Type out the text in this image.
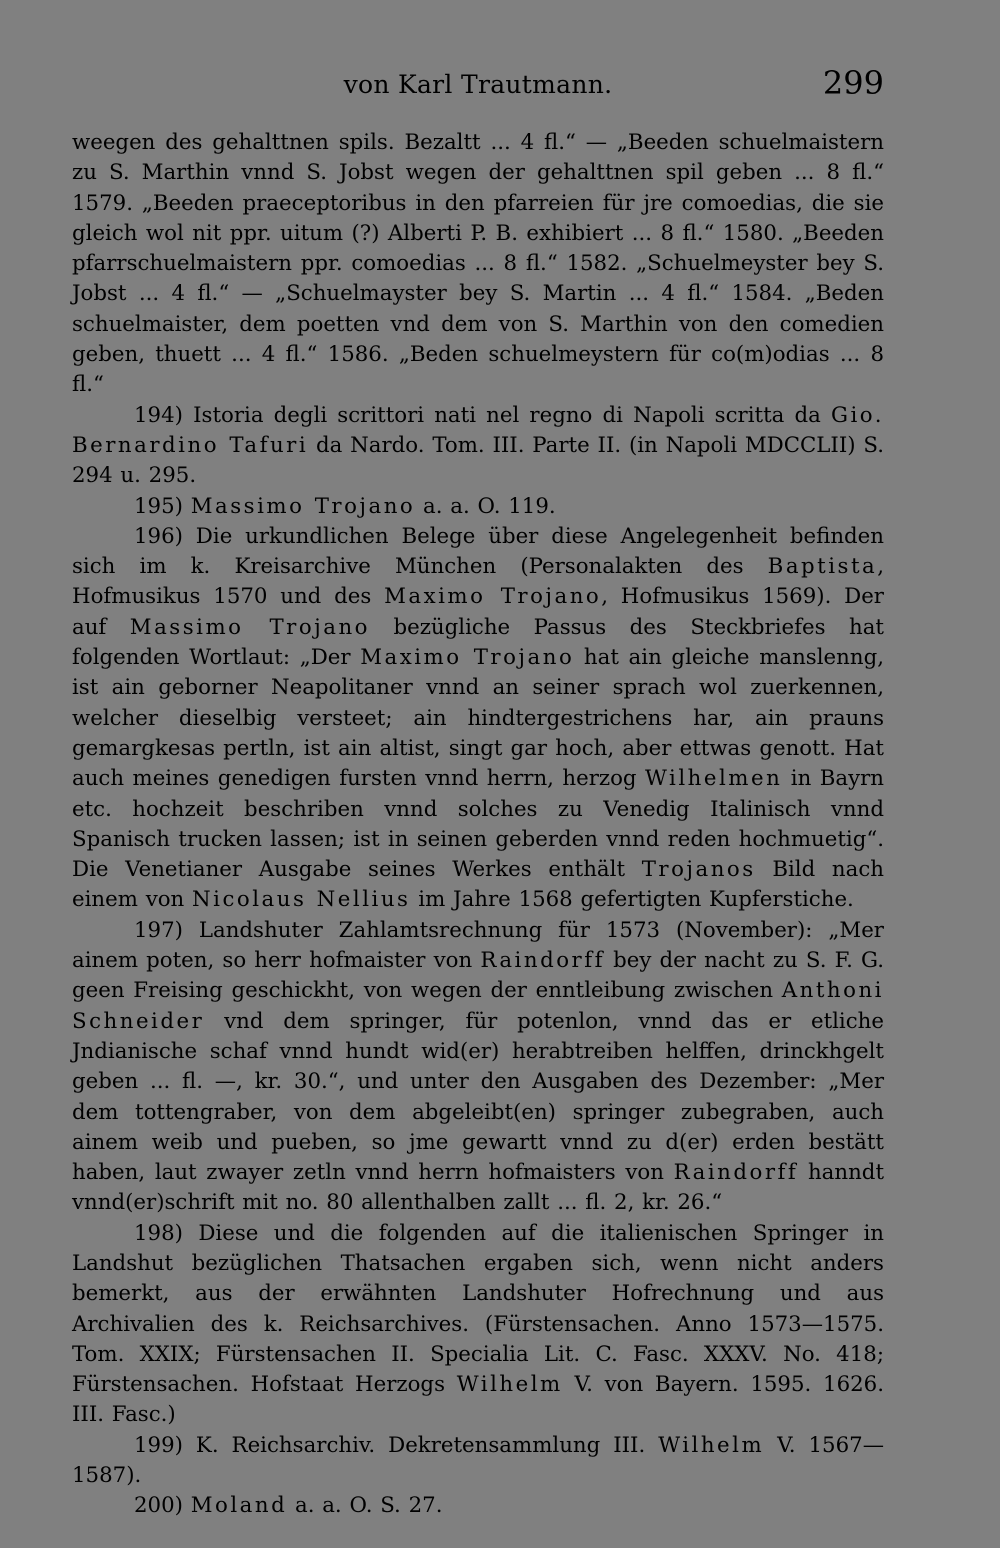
von Karl Trautmann.	299

weegen des gehalttnen spils. Bezaltt ... 4 fl.“ — „Beeden schuelmaistern zu S. Marthin vnnd S. Jobst wegen der gehalttnen spil geben ... 8 fl.“ 1579. „Beeden praeceptoribus in den pfarreien für jre comoedias, die sie gleich wol nit ppr. uitum (?) Alberti P. B. exhibiert ... 8 fl.“ 1580. „Beeden pfarrschuelmaistern ppr. comoedias ... 8 fl.“ 1582. „Schuelmeyster bey S. Jobst ... 4 fl.“ — „Schuelmayster bey S. Martin ... 4 fl.“ 1584. „Beden schuelmaister, dem poetten vnd dem von S. Marthin von den comedien geben, thuett ... 4 fl.“ 1586. „Beden schuelmeystern für co(m)odias ... 8 fl.“

194) Istoria degli scrittori nati nel regno di Napoli scritta da Gio. Bernardino Tafuri da Nardo. Tom. III. Parte II. (in Napoli MDCCLII) S. 294 u. 295.

195) Massimo Trojano a. a. O. 119.

196) Die urkundlichen Belege über diese Angelegenheit befinden sich im k. Kreisarchive München (Personalakten des Baptista, Hofmusikus 1570 und des Maximo Trojano, Hofmusikus 1569). Der auf Massimo Trojano bezügliche Passus des Steckbriefes hat folgenden Wortlaut: „Der Maximo Trojano hat ain gleiche manslenng, ist ain geborner Neapolitaner vnnd an seiner sprach wol zuerkennen, welcher dieselbig versteet; ain hindtergestrichens har, ain prauns gemargkesas pertln, ist ain altist, singt gar hoch, aber ettwas genott. Hat auch meines genedigen fursten vnnd herrn, herzog Wilhelmen in Bayrn etc. hochzeit beschriben vnnd solches zu Venedig Italinisch vnnd Spanisch trucken lassen; ist in seinen geberden vnnd reden hochmuetig“. Die Venetianer Ausgabe seines Werkes enthält Trojanos Bild nach einem von Nicolaus Nellius im Jahre 1568 gefertigten Kupferstiche.

197) Landshuter Zahlamtsrechnung für 1573 (November): „Mer ainem poten, so herr hofmaister von Raindorff bey der nacht zu S. F. G. geen Freising geschickht, von wegen der enntleibung zwischen Anthoni Schneider vnd dem springer, für potenlon, vnnd das er etliche Jndianische schaf vnnd hundt wid(er) herabtreiben helffen, drinckhgelt geben ... fl. —, kr. 30.“, und unter den Ausgaben des Dezember: „Mer dem tottengraber, von dem abgeleibt(en) springer zubegraben, auch ainem weib und pueben, so jme gewartt vnnd zu d(er) erden bestätt haben, laut zwayer zetln vnnd herrn hofmaisters von Raindorff hanndt vnnd(er)schrift mit no. 80 allenthalben zallt ... fl. 2, kr. 26.“

198) Diese und die folgenden auf die italienischen Springer in Landshut bezüglichen Thatsachen ergaben sich, wenn nicht anders bemerkt, aus der erwähnten Landshuter Hofrechnung und aus Archivalien des k. Reichsarchives. (Fürstensachen. Anno 1573—1575. Tom. XXIX; Fürstensachen II. Specialia Lit. C. Fasc. XXXV. No. 418; Fürstensachen. Hofstaat Herzogs Wilhelm V. von Bayern. 1595. 1626. III. Fasc.)

199) K. Reichsarchiv. Dekretensammlung III. Wilhelm V. 1567—1587).

200) Moland a. a. O. S. 27.
